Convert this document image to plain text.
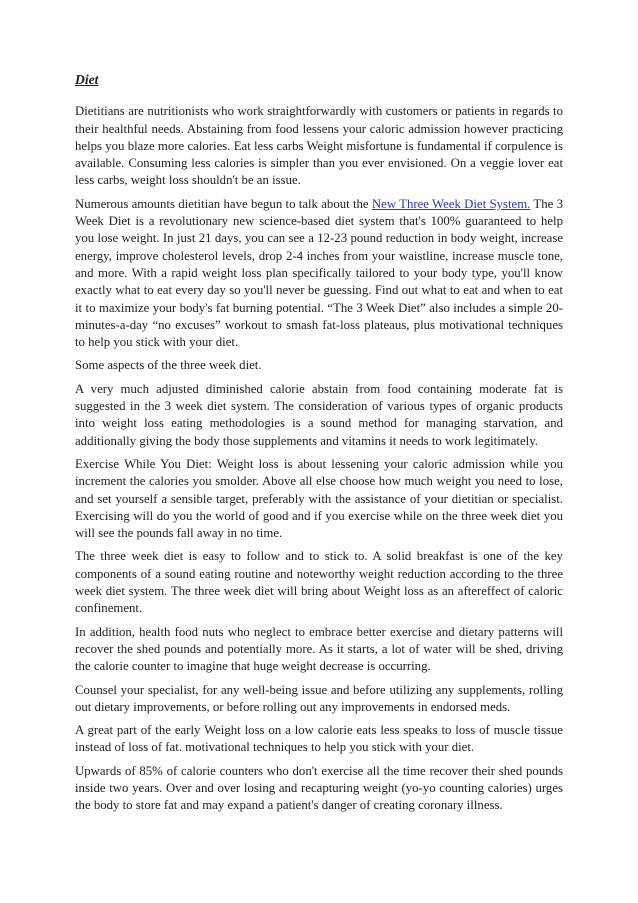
Diet

Dietitians are nutritionists who work straightforwardly with customers or patients in regards to their healthful needs. Abstaining from food lessens your caloric admission however practicing helps you blaze more calories. Eat less carbs Weight misfortune is fundamental if corpulence is available. Consuming less calories is simpler than you ever envisioned. On a veggie lover eat less carbs, weight loss shouldn't be an issue.

Numerous amounts dietitian have begun to talk about the New Three Week Diet System. The 3 Week Diet is a revolutionary new science-based diet system that's 100% guaranteed to help you lose weight. In just 21 days, you can see a 12-23 pound reduction in body weight, increase energy, improve cholesterol levels, drop 2-4 inches from your waistline, increase muscle tone, and more. With a rapid weight loss plan specifically tailored to your body type, you'll know exactly what to eat every day so you'll never be guessing. Find out what to eat and when to eat it to maximize your body's fat burning potential. “The 3 Week Diet” also includes a simple 20-minutes-a-day “no excuses” workout to smash fat-loss plateaus, plus motivational techniques to help you stick with your diet.

Some aspects of the three week diet.

A very much adjusted diminished calorie abstain from food containing moderate fat is suggested in the 3 week diet system. The consideration of various types of organic products into weight loss eating methodologies is a sound method for managing starvation, and additionally giving the body those supplements and vitamins it needs to work legitimately.

Exercise While You Diet: Weight loss is about lessening your caloric admission while you increment the calories you smolder. Above all else choose how much weight you need to lose, and set yourself a sensible target, preferably with the assistance of your dietitian or specialist. Exercising will do you the world of good and if you exercise while on the three week diet you will see the pounds fall away in no time.

The three week diet is easy to follow and to stick to. A solid breakfast is one of the key components of a sound eating routine and noteworthy weight reduction according to the three week diet system. The three week diet will bring about Weight loss as an aftereffect of caloric confinement.

In addition, health food nuts who neglect to embrace better exercise and dietary patterns will recover the shed pounds and potentially more. As it starts, a lot of water will be shed, driving the calorie counter to imagine that huge weight decrease is occurring.

Counsel your specialist, for any well-being issue and before utilizing any supplements, rolling out dietary improvements, or before rolling out any improvements in endorsed meds.

A great part of the early Weight loss on a low calorie eats less speaks to loss of muscle tissue instead of loss of fat. motivational techniques to help you stick with your diet.

Upwards of 85% of calorie counters who don't exercise all the time recover their shed pounds inside two years. Over and over losing and recapturing weight (yo-yo counting calories) urges the body to store fat and may expand a patient's danger of creating coronary illness.
